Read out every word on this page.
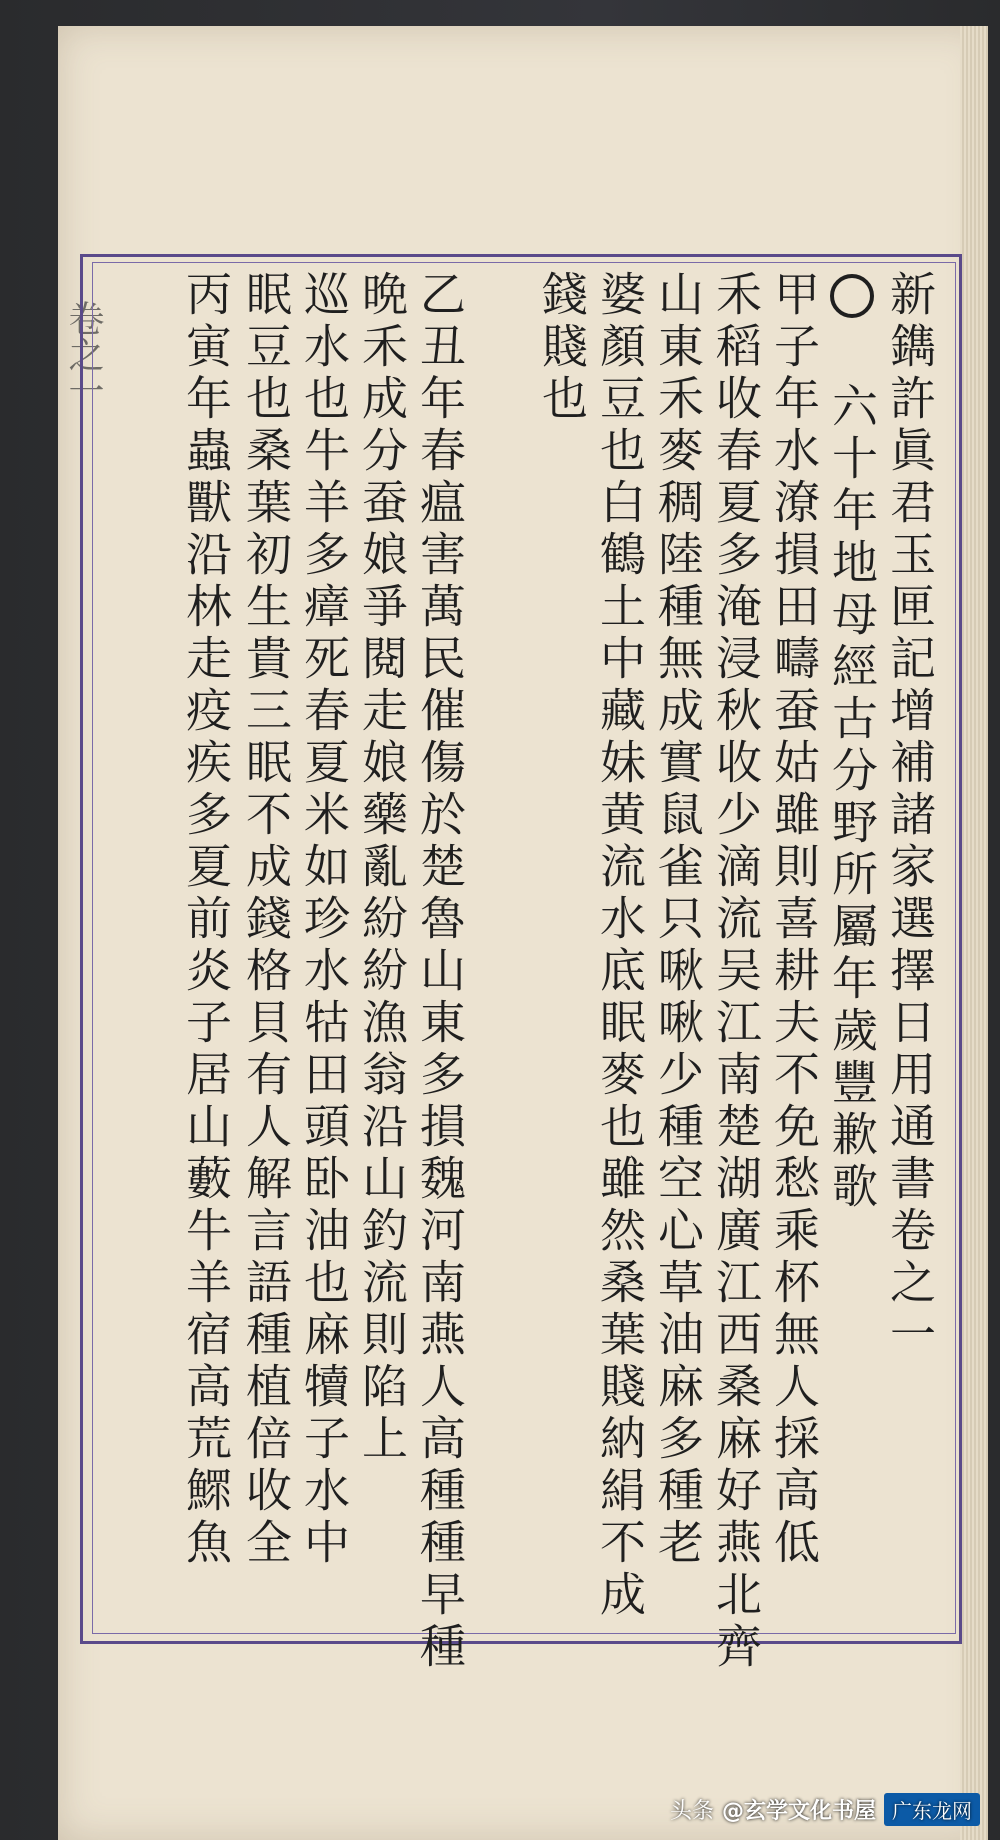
卷之一	新鐫許眞君玉匣記增補諸家選擇日用通書卷之一
六十年地母經古分野所屬年歲豐歉歌
甲子年水潦損田疇蚕姑雖則喜耕夫不免愁乘杯無人採高低
禾稻收春夏多淹浸秋收少滴流吴江南楚湖廣江西桑麻好燕北齊
山東禾麥稠陸種無成實鼠雀只啾啾少種空心草油麻多種老
婆顏豆也白鶴土中藏妹黄流水底眠麥也雖然桑葉賤納絹不成
錢賤也
乙丑年春瘟害萬民催傷於楚魯山東多損魏河南燕人高種種早種
晩禾成分蚕娘爭閱走娘藥亂紛紛漁翁沿山釣流則陷上
巡水也牛羊多瘴死春夏米如珍水牯田頭卧油也麻犢子水中
眠豆也桑葉初生貴三眠不成錢格貝有人解言語種植倍收全
丙寅年蟲獸沿林走疫疾多夏前炎子居山藪牛羊宿高荒鰥魚
头条 @玄学文化书屋 广东龙网
